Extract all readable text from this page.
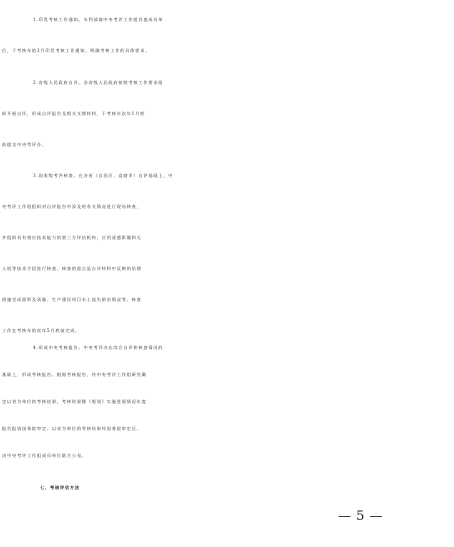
1.印发考核工作通知。水利部商中央考评工作组其他成员单
位，于考核年的3月印发考核工作通知，明确考核工作的具体要求。
2.省级人民政府自评。各省级人民政府按照考核工作要求组
织开展自评，形成自评报告及相关支撑材料，于考核年次年1月底
前提交中央考评办。
3.国家级考评核查。在各省（自治区、直辖市）自评基础上，中
央考评工作组组织对自评报告中涉及的有关情况进行现场核查，
并组织具有相应技术能力的第三方评估机构，应用遥感影像和无
人机等技术手段进行核查。核查的重点是自评材料中反映的治理
措施完成面积及质量、生产建设项目水土流失防治情况等。核查
工作在考核年的次年5月底前完成。
4.形成中央考核报告。中央考评办在综合自评和核查情况的
基础上，形成考核报告。根据考核报告，经中央考评工作组研究确
定以省为单位的考核结果。考核结果随《规划》实施进展情况年度
报告报请国务院审定。以省为单位的考核结果经国务院审定后，
由中央考评工作组成员单位联合公布。
七、考核评估方法
— 5 —
